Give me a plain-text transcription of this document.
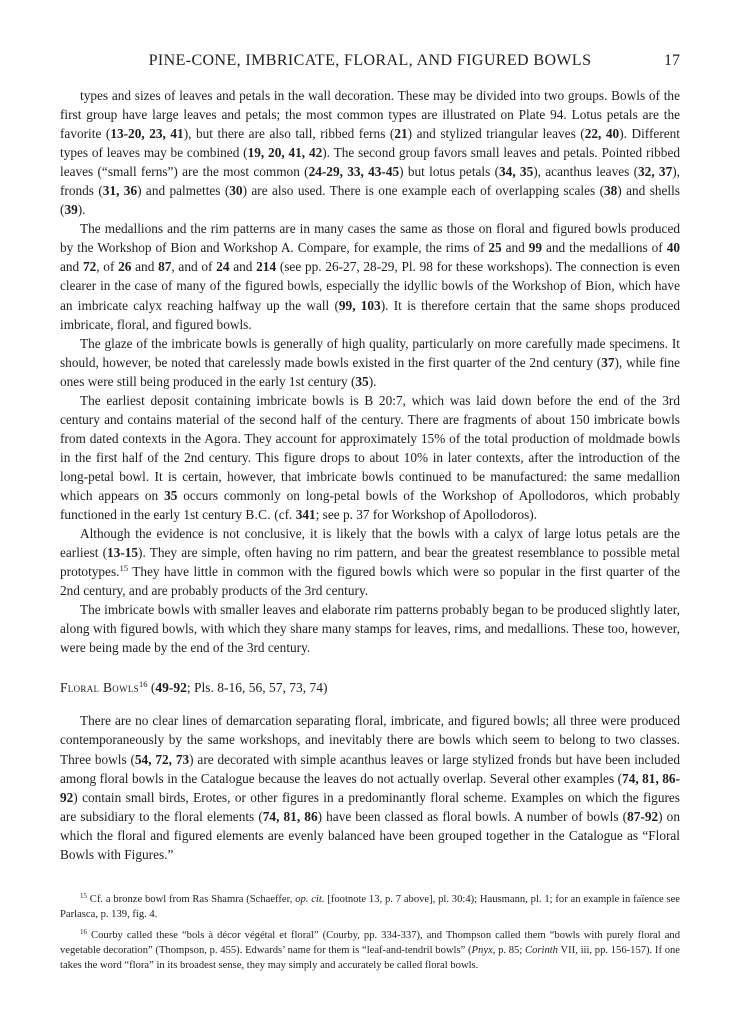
PINE-CONE, IMBRICATE, FLORAL, AND FIGURED BOWLS	17

types and sizes of leaves and petals in the wall decoration. These may be divided into two groups. Bowls of the first group have large leaves and petals; the most common types are illustrated on Plate 94. Lotus petals are the favorite (13-20, 23, 41), but there are also tall, ribbed ferns (21) and stylized triangular leaves (22, 40). Different types of leaves may be combined (19, 20, 41, 42). The second group favors small leaves and petals. Pointed ribbed leaves (“small ferns”) are the most common (24-29, 33, 43-45) but lotus petals (34, 35), acanthus leaves (32, 37), fronds (31, 36) and palmettes (30) are also used. There is one example each of overlapping scales (38) and shells (39).

The medallions and the rim patterns are in many cases the same as those on floral and figured bowls produced by the Workshop of Bion and Workshop A. Compare, for example, the rims of 25 and 99 and the medallions of 40 and 72, of 26 and 87, and of 24 and 214 (see pp. 26-27, 28-29, Pl. 98 for these workshops). The connection is even clearer in the case of many of the figured bowls, especially the idyllic bowls of the Workshop of Bion, which have an imbricate calyx reaching halfway up the wall (99, 103). It is therefore certain that the same shops produced imbricate, floral, and figured bowls.

The glaze of the imbricate bowls is generally of high quality, particularly on more carefully made specimens. It should, however, be noted that carelessly made bowls existed in the first quarter of the 2nd century (37), while fine ones were still being produced in the early 1st century (35).

The earliest deposit containing imbricate bowls is B 20:7, which was laid down before the end of the 3rd century and contains material of the second half of the century. There are fragments of about 150 imbricate bowls from dated contexts in the Agora. They account for approximately 15% of the total production of moldmade bowls in the first half of the 2nd century. This figure drops to about 10% in later contexts, after the introduction of the long-petal bowl. It is certain, however, that imbricate bowls continued to be manufactured: the same medallion which appears on 35 occurs commonly on long-petal bowls of the Workshop of Apollodoros, which probably functioned in the early 1st century B.C. (cf. 341; see p. 37 for Workshop of Apollodoros).

Although the evidence is not conclusive, it is likely that the bowls with a calyx of large lotus petals are the earliest (13-15). They are simple, often having no rim pattern, and bear the greatest resemblance to possible metal prototypes.$^{15}$ They have little in common with the figured bowls which were so popular in the first quarter of the 2nd century, and are probably products of the 3rd century.

The imbricate bowls with smaller leaves and elaborate rim patterns probably began to be produced slightly later, along with figured bowls, with which they share many stamps for leaves, rims, and medallions. These too, however, were being made by the end of the 3rd century.

Floral Bowls$^{16}$ (49-92; Pls. 8-16, 56, 57, 73, 74)

There are no clear lines of demarcation separating floral, imbricate, and figured bowls; all three were produced contemporaneously by the same workshops, and inevitably there are bowls which seem to belong to two classes. Three bowls (54, 72, 73) are decorated with simple acanthus leaves or large stylized fronds but have been included among floral bowls in the Catalogue because the leaves do not actually overlap. Several other examples (74, 81, 86-92) contain small birds, Erotes, or other figures in a predominantly floral scheme. Examples on which the figures are subsidiary to the floral elements (74, 81, 86) have been classed as floral bowls. A number of bowls (87-92) on which the floral and figured elements are evenly balanced have been grouped together in the Catalogue as “Floral Bowls with Figures.”

$^{15}$ Cf. a bronze bowl from Ras Shamra (Schaeffer, op. cit. [footnote 13, p. 7 above], pl. 30:4); Hausmann, pl. 1; for an example in faïence see Parlasca, p. 139, fig. 4.

$^{16}$ Courby called these “bols à décor végétal et floral” (Courby, pp. 334-337), and Thompson called them “bowls with purely floral and vegetable decoration” (Thompson, p. 455). Edwards’ name for them is “leaf-and-tendril bowls” (Pnyx, p. 85; Corinth VII, iii, pp. 156-157). If one takes the word “flora” in its broadest sense, they may simply and accurately be called floral bowls.
